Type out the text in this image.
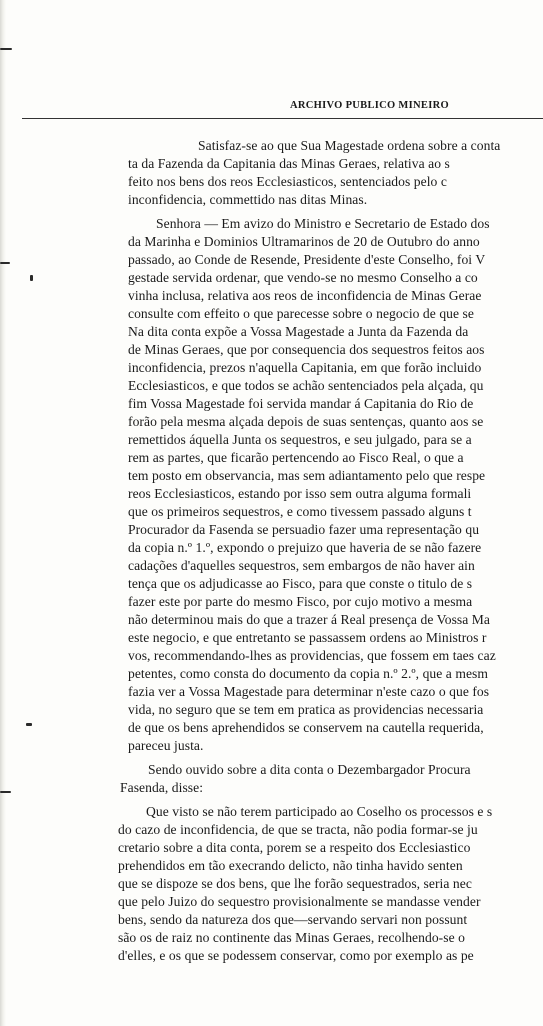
ARCHIVO PUBLICO MINEIRO

Satisfaz-se ao que Sua Magestade ordena sobre a conta

ta da Fazenda da Capitania das Minas Geraes, relativa ao s

feito nos bens dos reos Ecclesiasticos, sentenciados pelo c

inconfidencia, commettido nas ditas Minas.

Senhora — Em avizo do Ministro e Secretario de Estado dos

da Marinha e Dominios Ultramarinos de 20 de Outubro do anno

passado, ao Conde de Resende, Presidente d'este Conselho, foi V

gestade servida ordenar, que vendo-se no mesmo Conselho a co

vinha inclusa, relativa aos reos de inconfidencia de Minas Gerae

consulte com effeito o que parecesse sobre o negocio de que se

Na dita conta expõe a Vossa Magestade a Junta da Fazenda da

de Minas Geraes, que por consequencia dos sequestros feitos aos

inconfidencia, prezos n'aquella Capitania, em que forão incluido

Ecclesiasticos, e que todos se achão sentenciados pela alçada, qu

fim Vossa Magestade foi servida mandar á Capitania do Rio de

forão pela mesma alçada depois de suas sentenças, quanto aos se

remettidos áquella Junta os sequestros, e seu julgado, para se a

rem as partes, que ficarão pertencendo ao Fisco Real, o que a

tem posto em observancia, mas sem adiantamento pelo que respe

reos Ecclesiasticos, estando por isso sem outra alguma formali

que os primeiros sequestros, e como tivessem passado alguns t

Procurador da Fasenda se persuadio fazer uma representação qu

da copia n.º 1.º, expondo o prejuizo que haveria de se não fazere

cadações d'aquelles sequestros, sem embargos de não haver ain

tença que os adjudicasse ao Fisco, para que conste o titulo de s

fazer este por parte do mesmo Fisco, por cujo motivo a mesma

não determinou mais do que a trazer á Real presença de Vossa Ma

este negocio, e que entretanto se passassem ordens ao Ministros r

vos, recommendando-lhes as providencias, que fossem em taes caz

petentes, como consta do documento da copia n.º 2.º, que a mesm

fazia ver a Vossa Magestade para determinar n'este cazo o que fos

vida, no seguro que se tem em pratica as providencias necessaria

de que os bens aprehendidos se conservem na cautella requerida,

pareceu justa.

Sendo ouvido sobre a dita conta o Dezembargador Procura

Fasenda, disse:

Que visto se não terem participado ao Coselho os processos e s

do cazo de inconfidencia, de que se tracta, não podia formar-se ju

cretario sobre a dita conta, porem se a respeito dos Ecclesiastico

prehendidos em tão execrando delicto, não tinha havido senten

que se dispoze se dos bens, que lhe forão sequestrados, seria nec

que pelo Juizo do sequestro provisionalmente se mandasse vender

bens, sendo da natureza dos que—servando servari non possunt

são os de raiz no continente das Minas Geraes, recolhendo-se o

d'elles, e os que se podessem conservar, como por exemplo as pe
